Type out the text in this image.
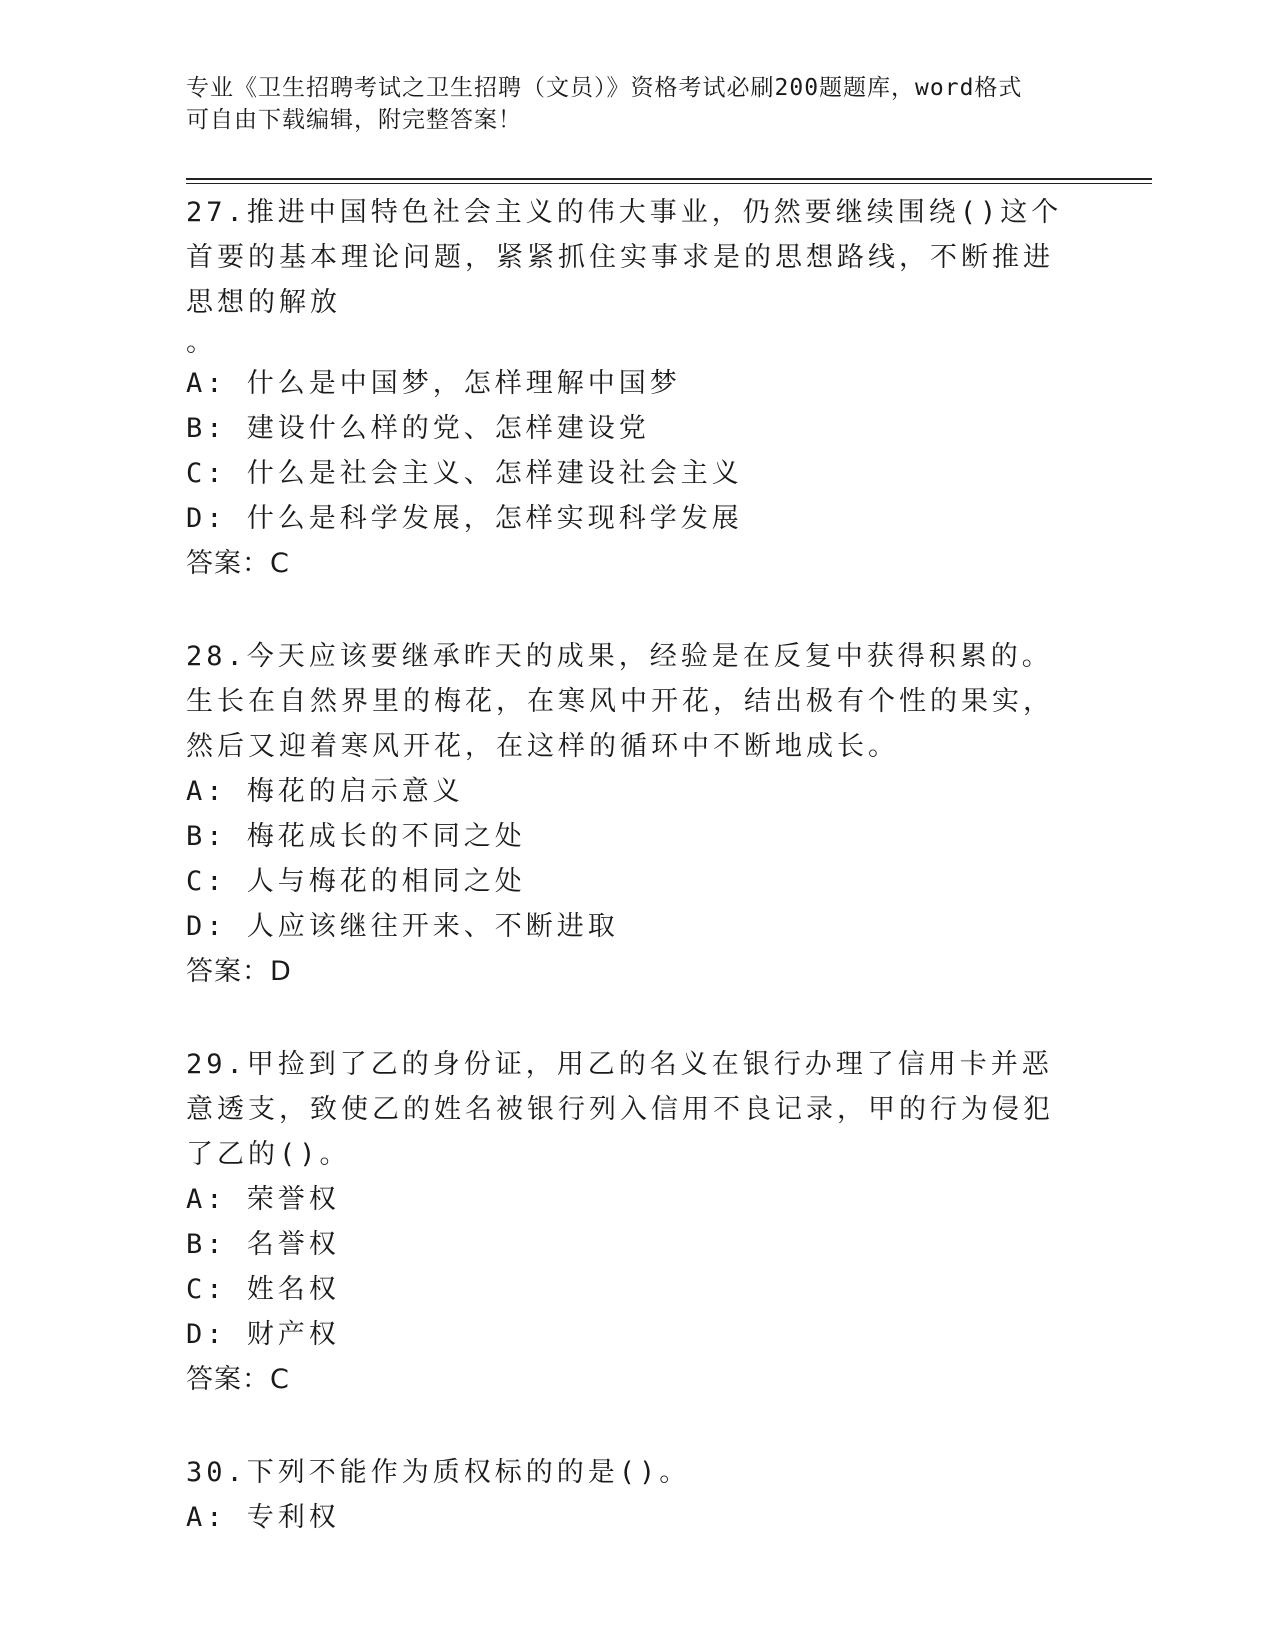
专业《卫生招聘考试之卫生招聘（文员）》资格考试必刷200题题库，word格式
可自由下载编辑，附完整答案！

27.推进中国特色社会主义的伟大事业，仍然要继续围绕()这个首要的基本理论问题，紧紧抓住实事求是的思想路线，不断推进思想的解放

。
A: 什么是中国梦，怎样理解中国梦
B: 建设什么样的党、怎样建设党
C: 什么是社会主义、怎样建设社会主义
D: 什么是科学发展，怎样实现科学发展
答案：C

28.今天应该要继承昨天的成果，经验是在反复中获得积累的。生长在自然界里的梅花，在寒风中开花，结出极有个性的果实，然后又迎着寒风开花，在这样的循环中不断地成长。

A: 梅花的启示意义
B: 梅花成长的不同之处
C: 人与梅花的相同之处
D: 人应该继往开来、不断进取
答案：D

29.甲捡到了乙的身份证，用乙的名义在银行办理了信用卡并恶意透支，致使乙的姓名被银行列入信用不良记录，甲的行为侵犯了乙的()。

A: 荣誉权
B: 名誉权
C: 姓名权
D: 财产权
答案：C

30.下列不能作为质权标的的是()。

A: 专利权
